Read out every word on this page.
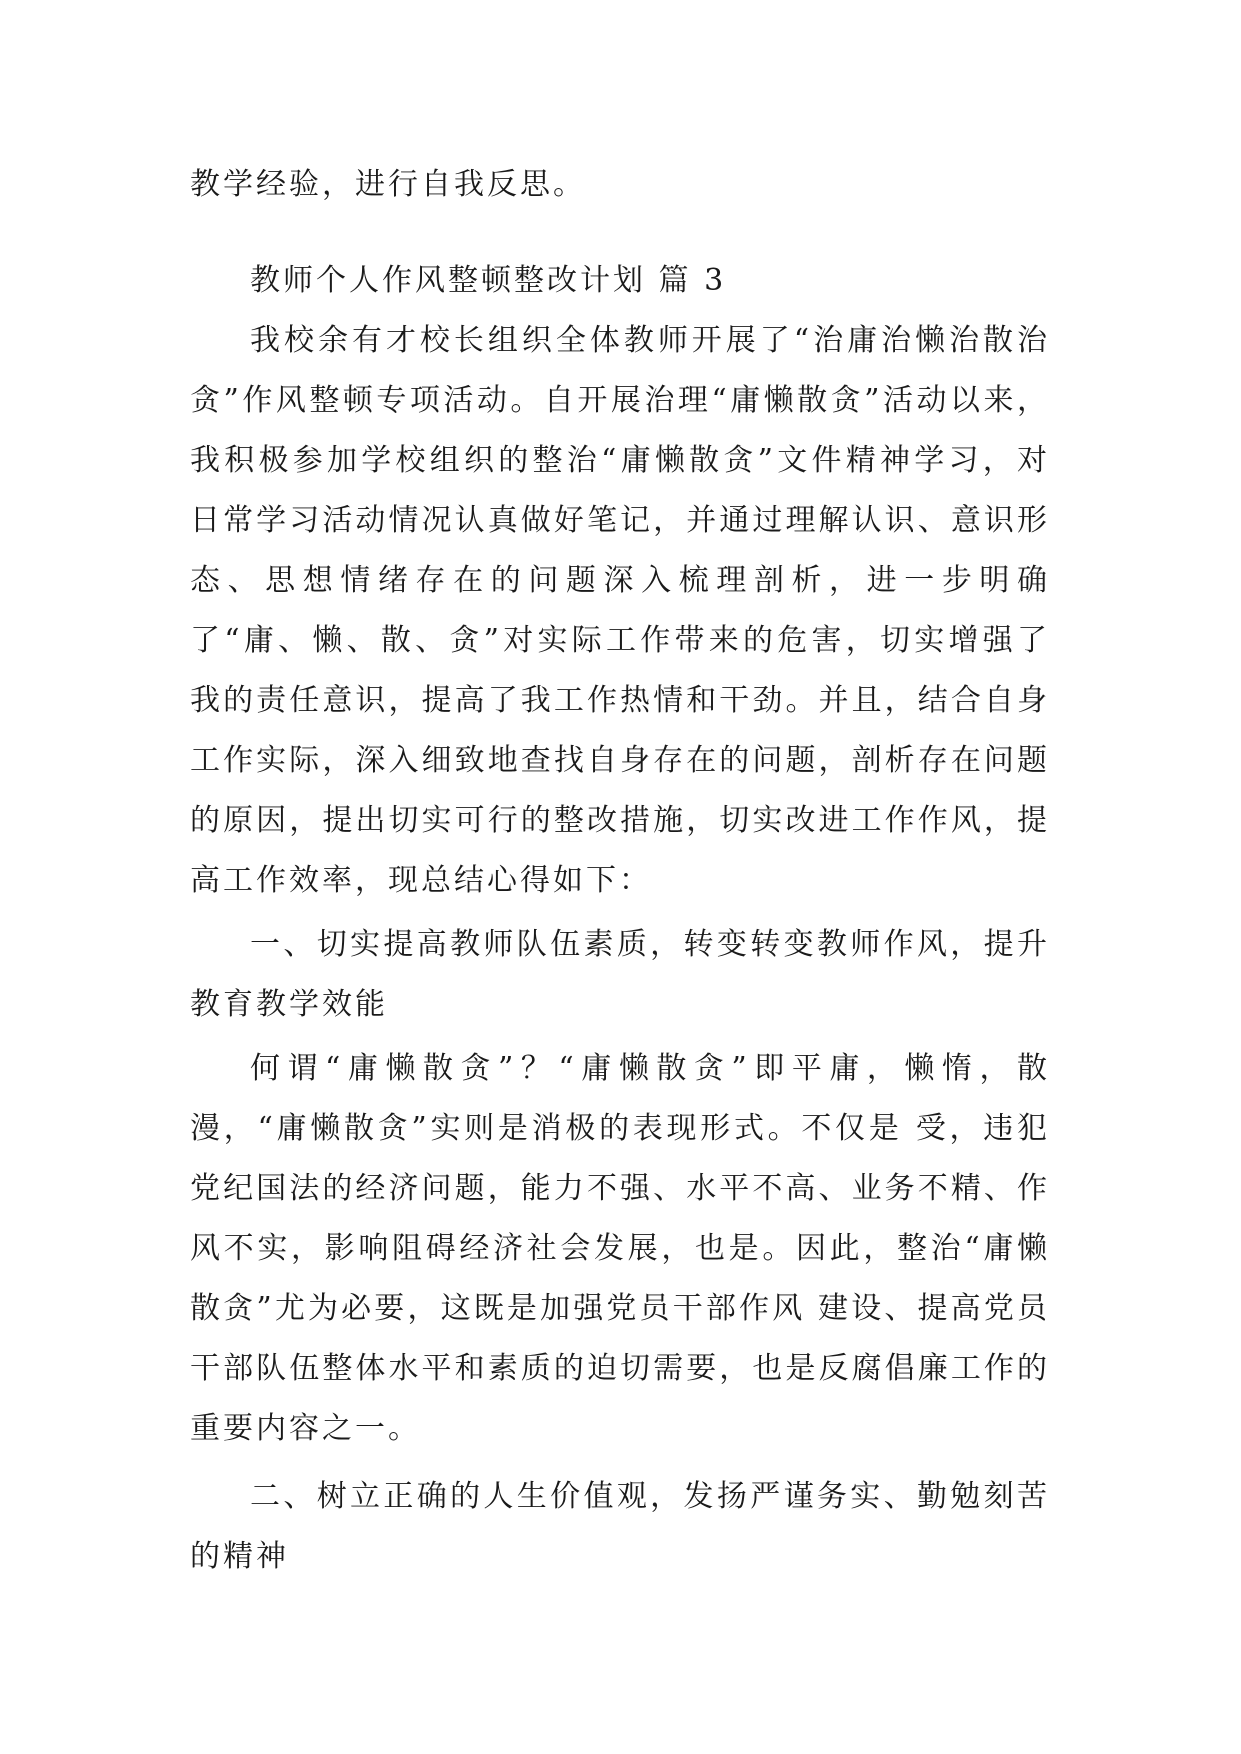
教学经验，进行自我反思。

教师个人作风整顿整改计划 篇 3

我校余有才校长组织全体教师开展了“治庸治懒治散治贪”作风整顿专项活动。自开展治理“庸懒散贪”活动以来，我积极参加学校组织的整治“庸懒散贪”文件精神学习，对日常学习活动情况认真做好笔记，并通过理解认识、意识形态、思想情绪存在的问题深入梳理剖析，进一步明确了“庸、懒、散、贪”对实际工作带来的危害，切实增强了我的责任意识，提高了我工作热情和干劲。并且，结合自身工作实际，深入细致地查找自身存在的问题，剖析存在问题的原因，提出切实可行的整改措施，切实改进工作作风，提高工作效率，现总结心得如下：

一、切实提高教师队伍素质，转变转变教师作风，提升教育教学效能

何谓“庸懒散贪”？“庸懒散贪”即平庸，懒惰，散漫，“庸懒散贪”实则是消极的表现形式。不仅是 受，违犯党纪国法的经济问题，能力不强、水平不高、业务不精、作风不实，影响阻碍经济社会发展，也是。因此，整治“庸懒散贪”尤为必要，这既是加强党员干部作风 建设、提高党员干部队伍整体水平和素质的迫切需要，也是反腐倡廉工作的重要内容之一。

二、树立正确的人生价值观，发扬严谨务实、勤勉刻苦的精神
